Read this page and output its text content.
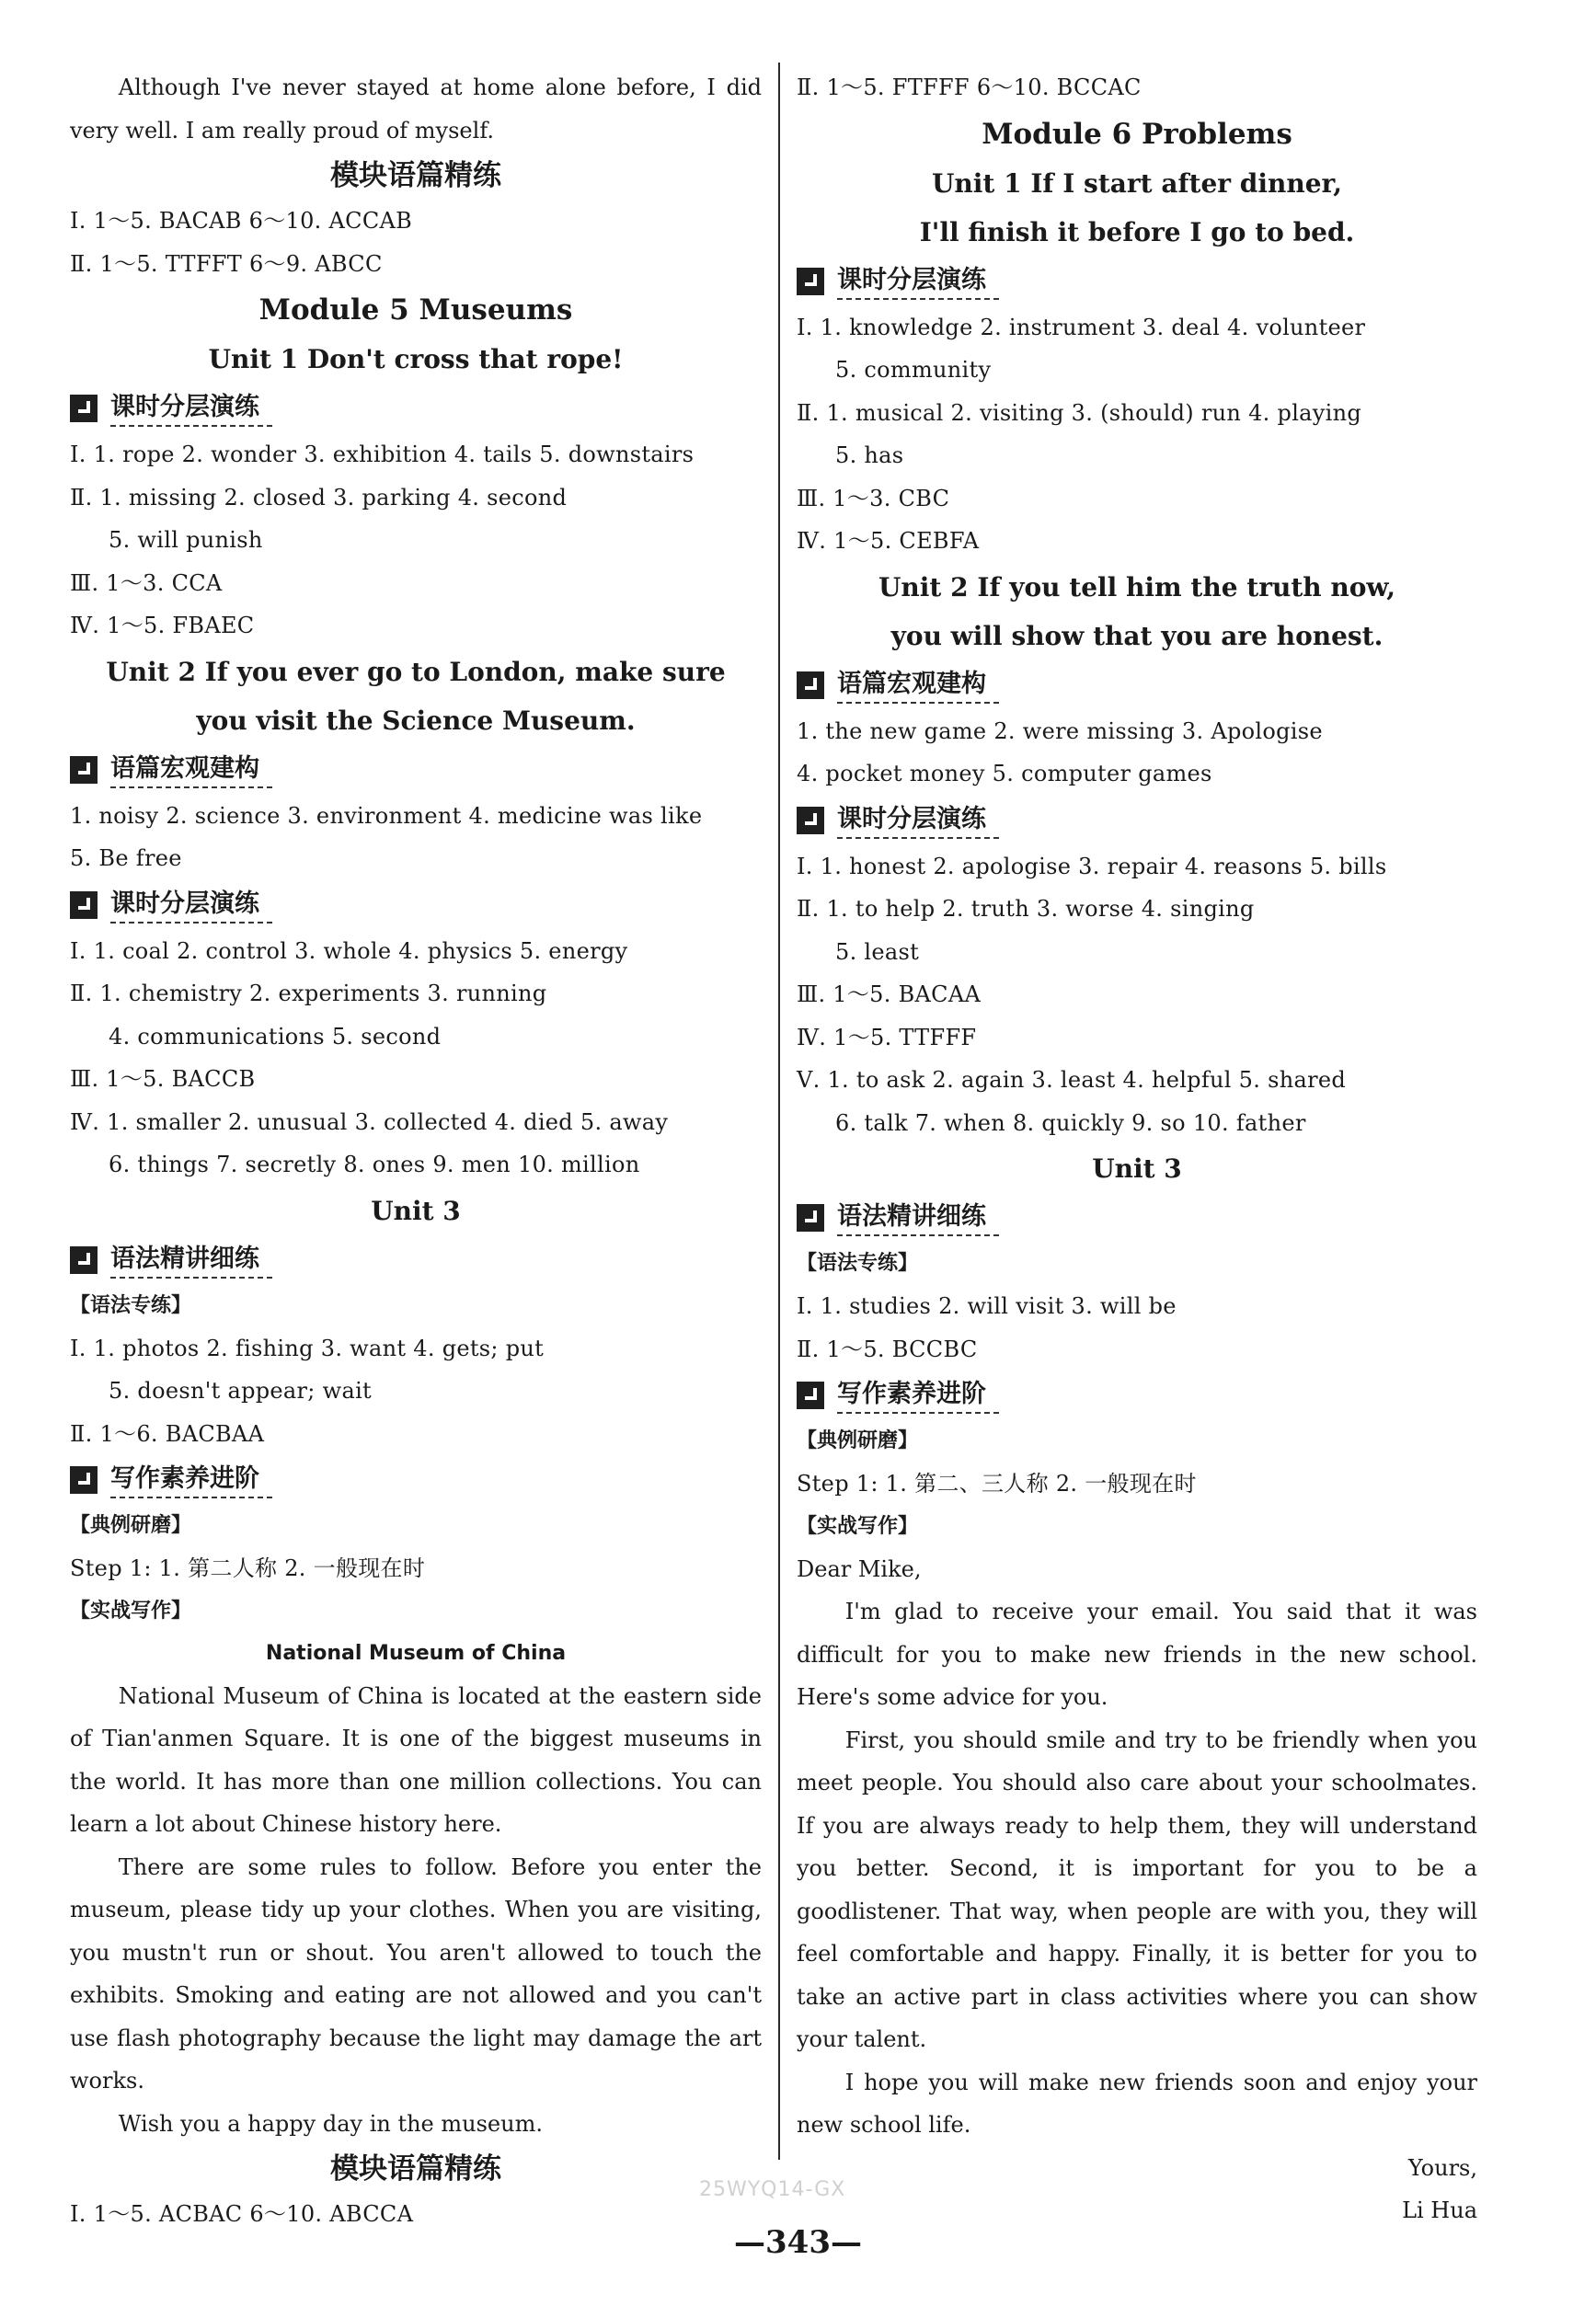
Although I've never stayed at home alone before, I did very well. I am really proud of myself.
模块语篇精练
Ⅰ. 1～5. BACAB 6～10. ACCAB
Ⅱ. 1～5. TTFFT 6～9. ABCC
Module 5 Museums
Unit 1 Don't cross that rope!
课时分层演练
Ⅰ. 1. rope 2. wonder 3. exhibition 4. tails 5. downstairs
Ⅱ. 1. missing 2. closed 3. parking 4. second
5. will punish
Ⅲ. 1～3. CCA
Ⅳ. 1～5. FBAEC
Unit 2 If you ever go to London, make sure
you visit the Science Museum.
语篇宏观建构
1. noisy 2. science 3. environment 4. medicine was like
5. Be free
课时分层演练
Ⅰ. 1. coal 2. control 3. whole 4. physics 5. energy
Ⅱ. 1. chemistry 2. experiments 3. running
4. communications 5. second
Ⅲ. 1～5. BACCB
Ⅳ. 1. smaller 2. unusual 3. collected 4. died 5. away
6. things 7. secretly 8. ones 9. men 10. million
Unit 3
语法精讲细练
【语法专练】
Ⅰ. 1. photos 2. fishing 3. want 4. gets; put
5. doesn't appear; wait
Ⅱ. 1～6. BACBAA
写作素养进阶
【典例研磨】
Step 1: 1. 第二人称 2. 一般现在时
【实战写作】
National Museum of China
National Museum of China is located at the eastern side of Tian'anmen Square. It is one of the biggest museums in the world. It has more than one million collections. You can learn a lot about Chinese history here.
There are some rules to follow. Before you enter the museum, please tidy up your clothes. When you are visiting, you mustn't run or shout. You aren't allowed to touch the exhibits. Smoking and eating are not allowed and you can't use flash photography because the light may damage the art works.
Wish you a happy day in the museum.
模块语篇精练
Ⅰ. 1～5. ACBAC 6～10. ABCCA
Ⅱ. 1～5. FTFFF 6～10. BCCAC
Module 6 Problems
Unit 1 If I start after dinner,
I'll finish it before I go to bed.
课时分层演练
Ⅰ. 1. knowledge 2. instrument 3. deal 4. volunteer
5. community
Ⅱ. 1. musical 2. visiting 3. (should) run 4. playing
5. has
Ⅲ. 1～3. CBC
Ⅳ. 1～5. CEBFA
Unit 2 If you tell him the truth now,
you will show that you are honest.
语篇宏观建构
1. the new game 2. were missing 3. Apologise
4. pocket money 5. computer games
课时分层演练
Ⅰ. 1. honest 2. apologise 3. repair 4. reasons 5. bills
Ⅱ. 1. to help 2. truth 3. worse 4. singing
5. least
Ⅲ. 1～5. BACAA
Ⅳ. 1～5. TTFFF
Ⅴ. 1. to ask 2. again 3. least 4. helpful 5. shared
6. talk 7. when 8. quickly 9. so 10. father
Unit 3
语法精讲细练
【语法专练】
Ⅰ. 1. studies 2. will visit 3. will be
Ⅱ. 1～5. BCCBC
写作素养进阶
【典例研磨】
Step 1: 1. 第二、三人称 2. 一般现在时
【实战写作】
Dear Mike,
I'm glad to receive your email. You said that it was difficult for you to make new friends in the new school. Here's some advice for you.
First, you should smile and try to be friendly when you meet people. You should also care about your schoolmates. If you are always ready to help them, they will understand you better. Second, it is important for you to be a goodlistener. That way, when people are with you, they will feel comfortable and happy. Finally, it is better for you to take an active part in class activities where you can show your talent.
I hope you will make new friends soon and enjoy your new school life.
Yours,
Li Hua
25WYQ14-GX
—343—
